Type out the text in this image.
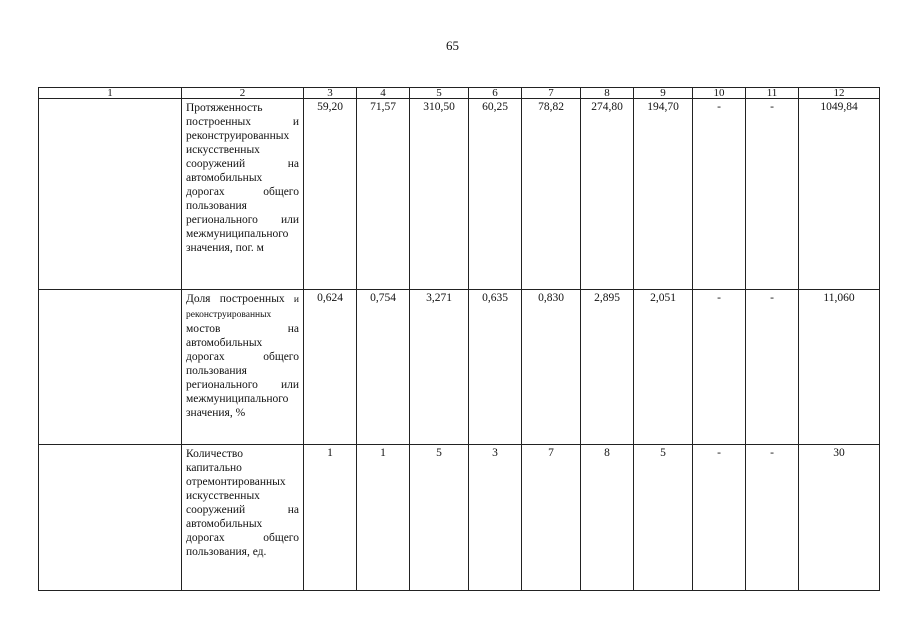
65
1	2	3	4	5	6	7	8	9	10	11	12
	Протяженность построенных и реконструированных искусственных сооружений на автомобильных дорогах общего пользования регионального или межмуниципального значения, пог. м	59,20	71,57	310,50	60,25	78,82	274,80	194,70	-	-	1049,84
	Доля построенных и реконструированных мостов на автомобильных дорогах общего пользования регионального или межмуниципального значения, %	0,624	0,754	3,271	0,635	0,830	2,895	2,051	-	-	11,060
	Количество капитально отремонтированных искусственных сооружений на автомобильных дорогах общего пользования, ед.	1	1	5	3	7	8	5	-	-	30
